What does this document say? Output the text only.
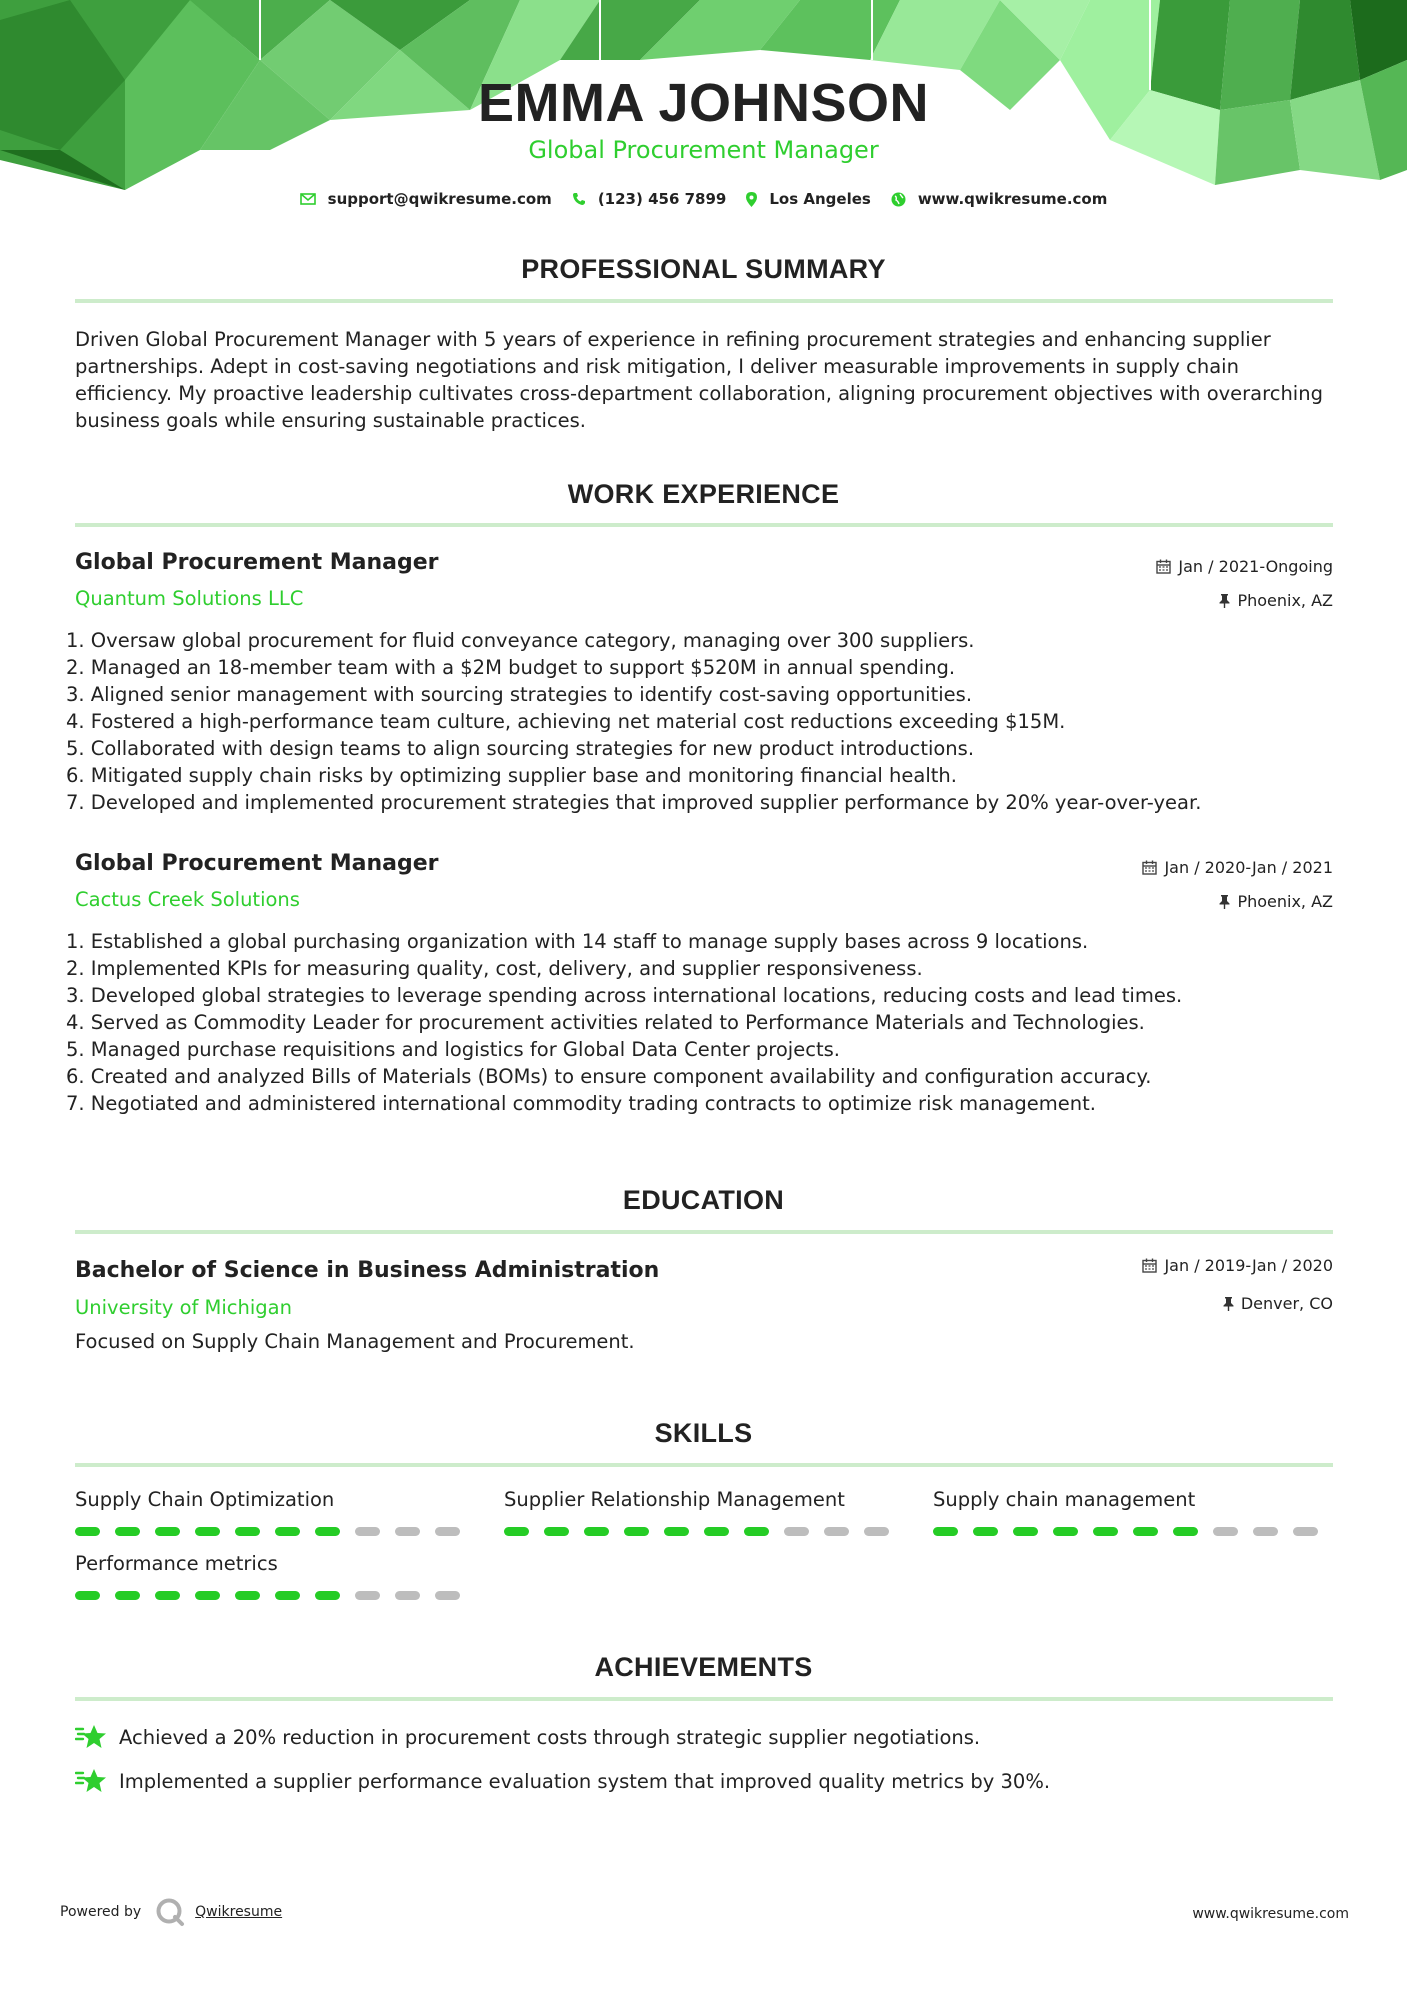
EMMA JOHNSON
Global Procurement Manager
support@qwikresume.com	(123) 456 7899	Los Angeles	www.qwikresume.com
PROFESSIONAL SUMMARY
Driven Global Procurement Manager with 5 years of experience in refining procurement strategies and enhancing supplier partnerships. Adept in cost-saving negotiations and risk mitigation, I deliver measurable improvements in supply chain efficiency. My proactive leadership cultivates cross-department collaboration, aligning procurement objectives with overarching business goals while ensuring sustainable practices.
WORK EXPERIENCE
Global Procurement Manager
Quantum Solutions LLC
Jan / 2021-Ongoing
Phoenix, AZ
1. Oversaw global procurement for fluid conveyance category, managing over 300 suppliers.
2. Managed an 18-member team with a $2M budget to support $520M in annual spending.
3. Aligned senior management with sourcing strategies to identify cost-saving opportunities.
4. Fostered a high-performance team culture, achieving net material cost reductions exceeding $15M.
5. Collaborated with design teams to align sourcing strategies for new product introductions.
6. Mitigated supply chain risks by optimizing supplier base and monitoring financial health.
7. Developed and implemented procurement strategies that improved supplier performance by 20% year-over-year.
Global Procurement Manager
Cactus Creek Solutions
Jan / 2020-Jan / 2021
Phoenix, AZ
1. Established a global purchasing organization with 14 staff to manage supply bases across 9 locations.
2. Implemented KPIs for measuring quality, cost, delivery, and supplier responsiveness.
3. Developed global strategies to leverage spending across international locations, reducing costs and lead times.
4. Served as Commodity Leader for procurement activities related to Performance Materials and Technologies.
5. Managed purchase requisitions and logistics for Global Data Center projects.
6. Created and analyzed Bills of Materials (BOMs) to ensure component availability and configuration accuracy.
7. Negotiated and administered international commodity trading contracts to optimize risk management.
EDUCATION
Bachelor of Science in Business Administration
University of Michigan
Jan / 2019-Jan / 2020
Denver, CO
Focused on Supply Chain Management and Procurement.
SKILLS
Supply Chain Optimization	Supplier Relationship Management	Supply chain management
Performance metrics
ACHIEVEMENTS
Achieved a 20% reduction in procurement costs through strategic supplier negotiations.
Implemented a supplier performance evaluation system that improved quality metrics by 30%.
Powered by	Qwikresume	www.qwikresume.com
